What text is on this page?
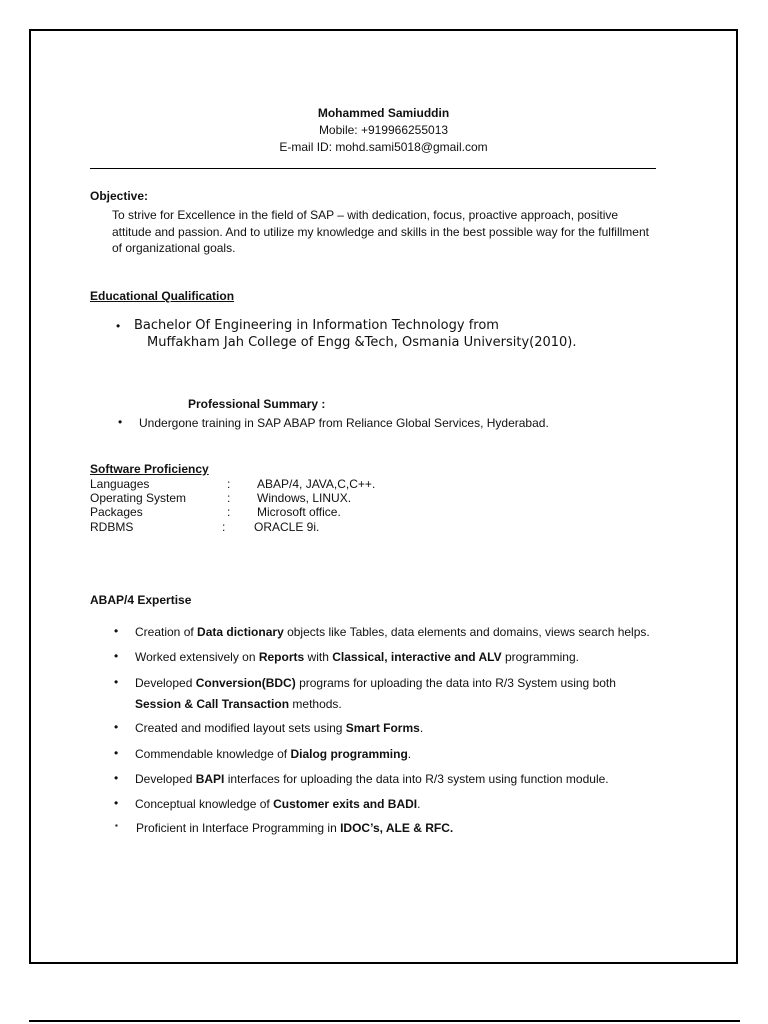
Mohammed Samiuddin
Mobile: +919966255013
E-mail ID: mohd.sami5018@gmail.com
Objective:
To strive for Excellence in the field of SAP – with dedication, focus, proactive approach, positive
attitude and passion. And to utilize my knowledge and skills in the best possible way for the fulfillment
of organizational goals.
Educational Qualification
• Bachelor Of Engineering in Information Technology from
Muffakham Jah College of Engg &Tech, Osmania University(2010).
Professional Summary :
• Undergone training in SAP ABAP from Reliance Global Services, Hyderabad.
Software Proficiency
Languages	: ABAP/4, JAVA,C,C++.
Operating System	: Windows, LINUX.
Packages	: Microsoft office.
RDBMS	: ORACLE 9i.
ABAP/4 Expertise
• Creation of Data dictionary objects like Tables, data elements and domains, views search helps.
• Worked extensively on Reports with Classical, interactive and ALV programming.
• Developed Conversion(BDC) programs for uploading the data into R/3 System using both
Session & Call Transaction methods.
• Created and modified layout sets using Smart Forms.
• Commendable knowledge of Dialog programming.
• Developed BAPI interfaces for uploading the data into R/3 system using function module.
• Conceptual knowledge of Customer exits and BADI.
▪ Proficient in Interface Programming in IDOC’s, ALE & RFC.
